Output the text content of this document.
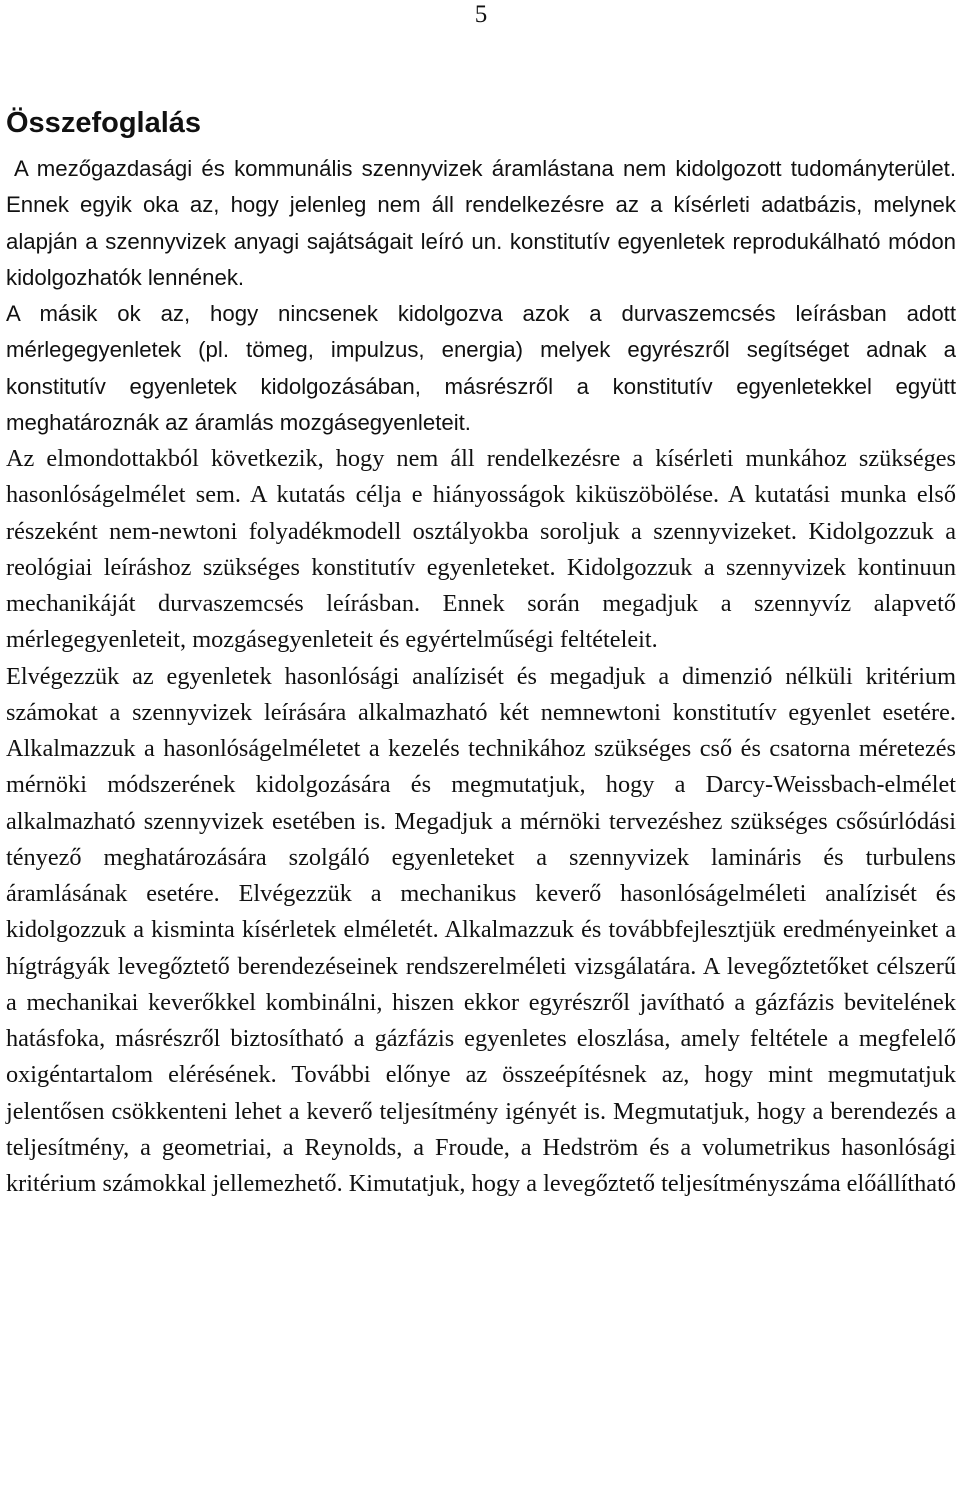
5
Összefoglalás

A mezőgazdasági és kommunális szennyvizek áramlástana nem kidolgozott tudományterület. Ennek egyik oka az, hogy jelenleg nem áll rendelkezésre az a kísérleti adatbázis, melynek alapján a szennyvizek anyagi sajátságait leíró un. konstitutív egyenletek reprodukálható módon kidolgozhatók lennének.

A másik ok az, hogy nincsenek kidolgozva azok a durvaszemcsés leírásban adott mérlegegyenletek (pl. tömeg, impulzus, energia) melyek egyrészről segítséget adnak a konstitutív egyenletek kidolgozásában, másrészről a konstitutív egyenletekkel együtt meghatároznák az áramlás mozgásegyenleteit.

Az elmondottakból következik, hogy nem áll rendelkezésre a kísérleti munkához szükséges hasonlóságelmélet sem. A kutatás célja e hiányosságok kiküszöbölése. A kutatási munka első részeként nem-newtoni folyadékmodell osztályokba soroljuk a szennyvizeket. Kidolgozzuk a reológiai leíráshoz szükséges konstitutív egyenleteket. Kidolgozzuk a szennyvizek kontinuun mechanikáját durvaszemcsés leírásban. Ennek során megadjuk a szennyvíz alapvető mérlegegyenleteit, mozgásegyenleteit és egyértelműségi feltételeit.

Elvégezzük az egyenletek hasonlósági analízisét és megadjuk a dimenzió nélküli kritérium számokat a szennyvizek leírására alkalmazható két nemnewtoni konstitutív egyenlet esetére. Alkalmazzuk a hasonlóságelméletet a kezelés technikához szükséges cső és csatorna méretezés mérnöki módszerének kidolgozására és megmutatjuk, hogy a Darcy-Weissbach-elmélet alkalmazható szennyvizek esetében is. Megadjuk a mérnöki tervezéshez szükséges csősúrlódási tényező meghatározására szolgáló egyenleteket a szennyvizek lamináris és turbulens áramlásának esetére. Elvégezzük a mechanikus keverő hasonlóságelméleti analízisét és kidolgozzuk a kisminta kísérletek elméletét. Alkalmazzuk és továbbfejlesztjük eredményeinket a hígtrágyák levegőztető berendezéseinek rendszerelméleti vizsgálatára. A levegőztetőket célszerű a mechanikai keverőkkel kombinálni, hiszen ekkor egyrészről javítható a gázfázis bevitelének hatásfoka, másrészről biztosítható a gázfázis egyenletes eloszlása, amely feltétele a megfelelő oxigéntartalom elérésének. További előnye az összeépítésnek az, hogy mint megmutatjuk jelentősen csökkenteni lehet a keverő teljesítmény igényét is. Megmutatjuk, hogy a berendezés a teljesítmény, a geometriai, a Reynolds, a Froude, a Hedström és a volumetrikus hasonlósági kritérium számokkal jellemezhető. Kimutatjuk, hogy a levegőztető teljesítményszáma előállítható
